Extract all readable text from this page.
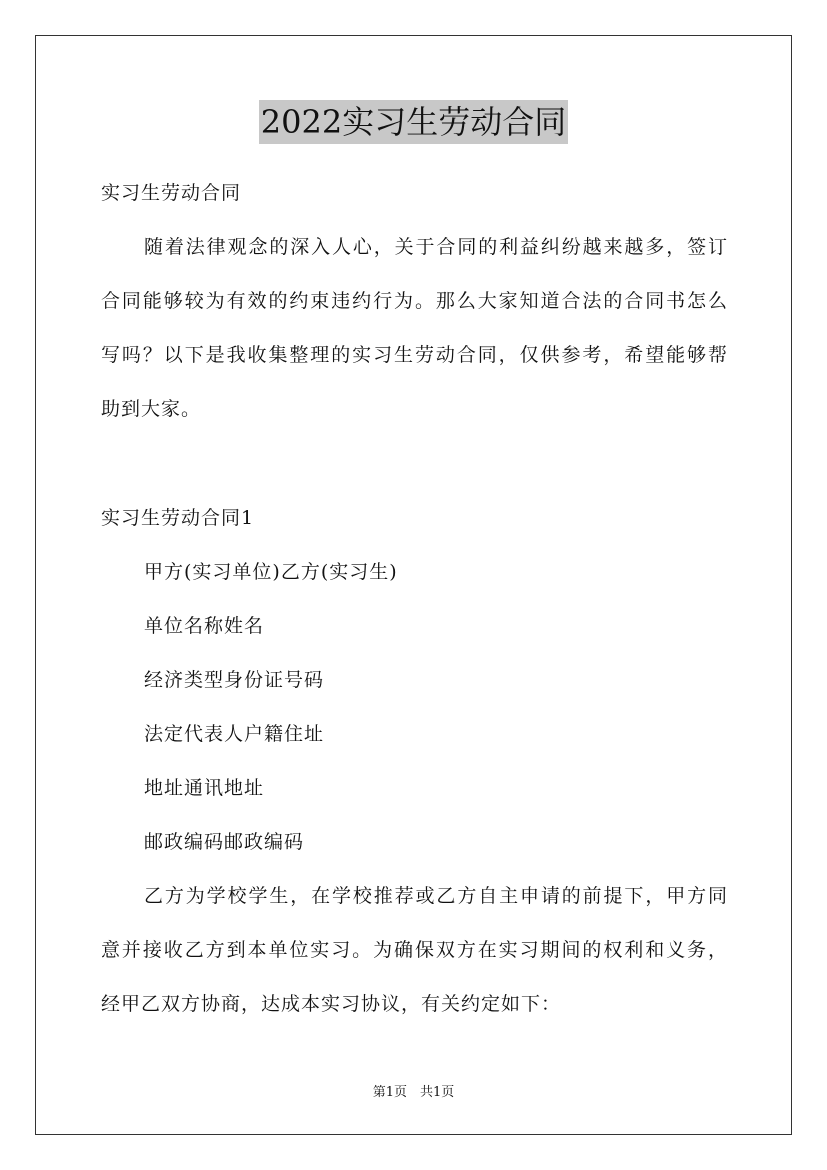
2022实习生劳动合同
实习生劳动合同
随着法律观念的深入人心，关于合同的利益纠纷越来越多，签订
合同能够较为有效的约束违约行为。那么大家知道合法的合同书怎么
写吗？以下是我收集整理的实习生劳动合同，仅供参考，希望能够帮
助到大家。
实习生劳动合同1
甲方(实习单位)乙方(实习生)
单位名称姓名
经济类型身份证号码
法定代表人户籍住址
地址通讯地址
邮政编码邮政编码
乙方为学校学生，在学校推荐或乙方自主申请的前提下，甲方同
意并接收乙方到本单位实习。为确保双方在实习期间的权利和义务，
经甲乙双方协商，达成本实习协议，有关约定如下：
第1页　共1页
